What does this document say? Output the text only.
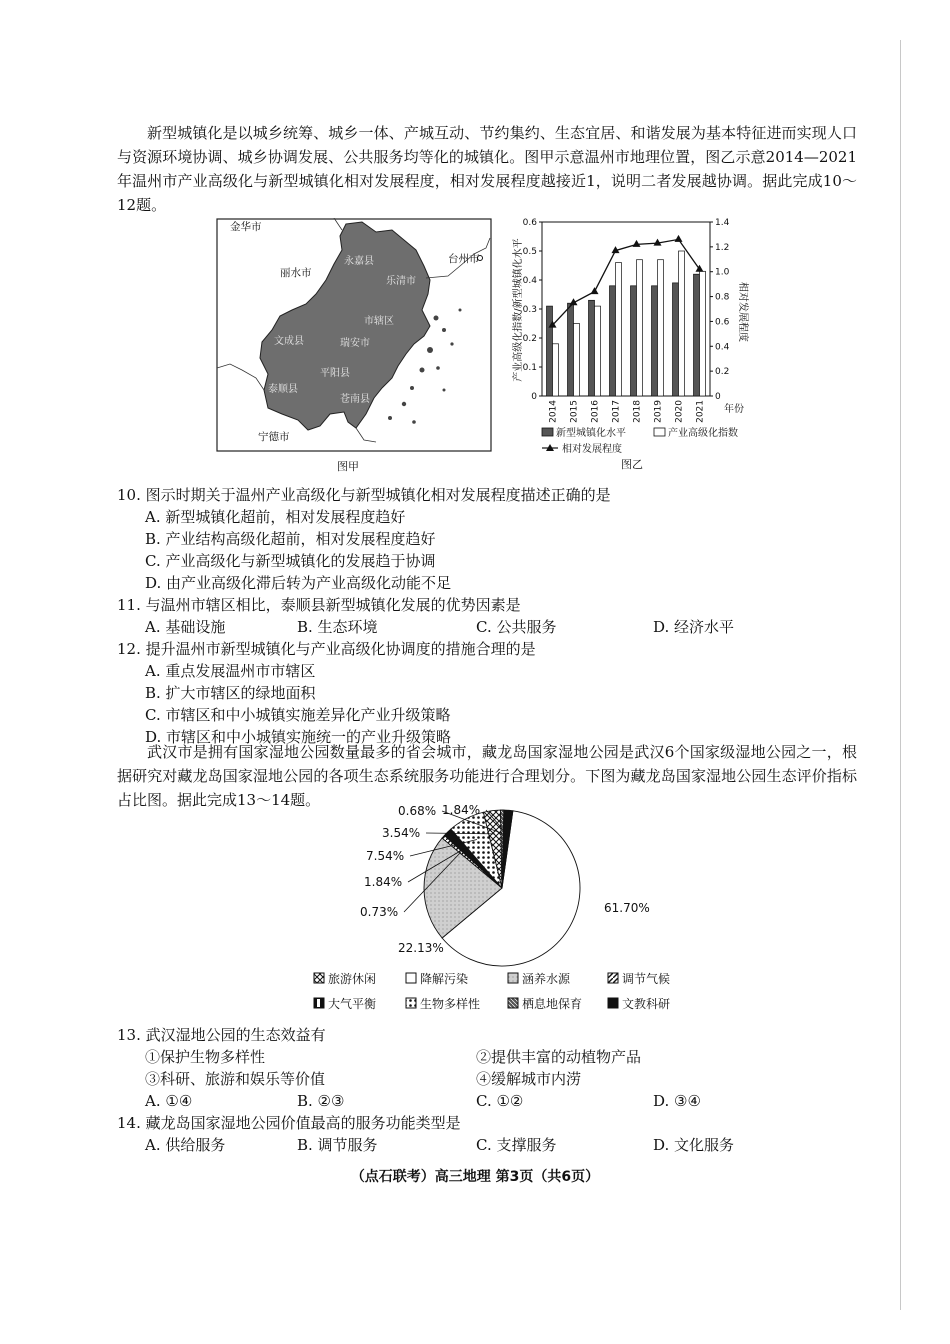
新型城镇化是以城乡统筹、城乡一体、产城互动、节约集约、生态宜居、和谐发展为基本特征进而实现人口与资源环境协调、城乡协调发展、公共服务均等化的城镇化。图甲示意温州市地理位置，图乙示意2014—2021年温州市产业高级化与新型城镇化相对发展程度，相对发展程度越接近1，说明二者发展越协调。据此完成10～12题。
金华市
丽水市
台州市
宁德市
永嘉县
乐清市
市辖区
瑞安市
文成县
平阳县
泰顺县
苍南县
图甲
产业高级化指数/新型城镇化水平	相对发展程度
年份
0
0.1
0.2
0.3
0.4
0.5
0.6
0
0.2
0.4
0.6
0.8
1.0
1.2
1.4
2014 2015 2016 2017 2018 2019 2020 2021
新型城镇化水平	产业高级化指数
相对发展程度
图乙
10. 图示时期关于温州产业高级化与新型城镇化相对发展程度描述正确的是
A. 新型城镇化超前，相对发展程度趋好
B. 产业结构高级化超前，相对发展程度趋好
C. 产业高级化与新型城镇化的发展趋于协调
D. 由产业高级化滞后转为产业高级化动能不足
11. 与温州市辖区相比，泰顺县新型城镇化发展的优势因素是
A. 基础设施	B. 生态环境	C. 公共服务	D. 经济水平
12. 提升温州市新型城镇化与产业高级化协调度的措施合理的是
A. 重点发展温州市市辖区
B. 扩大市辖区的绿地面积
C. 市辖区和中小城镇实施差异化产业升级策略
D. 市辖区和中小城镇实施统一的产业升级策略
武汉市是拥有国家湿地公园数量最多的省会城市，藏龙岛国家湿地公园是武汉6个国家级湿地公园之一，根据研究对藏龙岛国家湿地公园的各项生态系统服务功能进行合理划分。下图为藏龙岛国家湿地公园生态评价指标占比图。据此完成13～14题。
61.70%
22.13%
0.73%
1.84%
7.54%
3.54%
0.68% 1.84%
旅游休闲	降解污染	涵养水源	调节气候
大气平衡	生物多样性	栖息地保育	文教科研
13. 武汉湿地公园的生态效益有
①保护生物多样性	②提供丰富的动植物产品
③科研、旅游和娱乐等价值	④缓解城市内涝
A. ①④	B. ②③	C. ①②	D. ③④
14. 藏龙岛国家湿地公园价值最高的服务功能类型是
A. 供给服务	B. 调节服务	C. 支撑服务	D. 文化服务
（点石联考）高三地理 第3页（共6页）
